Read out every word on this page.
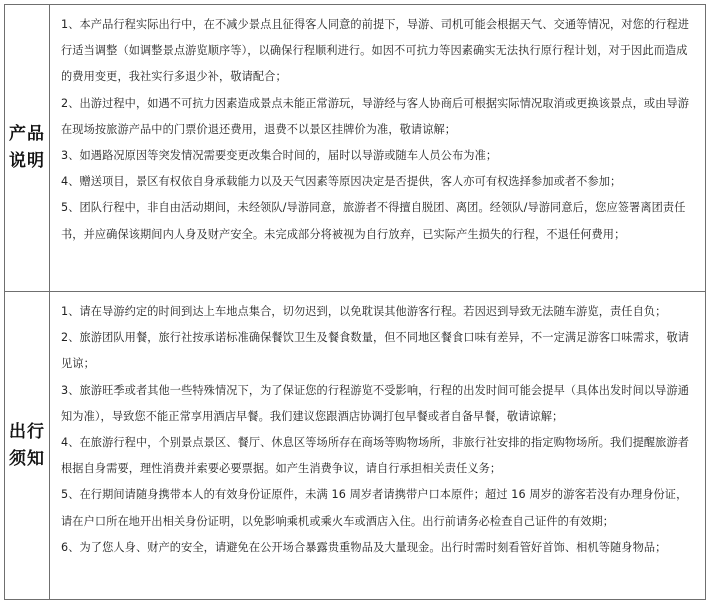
产品说明

1、本产品行程实际出行中，在不减少景点且征得客人同意的前提下，导游、司机可能会根据天气、交通等情况，对您的行程进行适当调整（如调整景点游览顺序等），以确保行程顺利进行。如因不可抗力等因素确实无法执行原行程计划，对于因此而造成的费用变更，我社实行多退少补，敬请配合；

2、出游过程中，如遇不可抗力因素造成景点未能正常游玩，导游经与客人协商后可根据实际情况取消或更换该景点，或由导游在现场按旅游产品中的门票价退还费用，退费不以景区挂牌价为准，敬请谅解；

3、如遇路况原因等突发情况需要变更改集合时间的，届时以导游或随车人员公布为准；

4、赠送项目，景区有权依自身承载能力以及天气因素等原因决定是否提供，客人亦可有权选择参加或者不参加；

5、团队行程中，非自由活动期间，未经领队/导游同意，旅游者不得擅自脱团、离团。经领队/导游同意后，您应签署离团责任书，并应确保该期间内人身及财产安全。未完成部分将被视为自行放弃，已实际产生损失的行程，不退任何费用；

出行须知

1、请在导游约定的时间到达上车地点集合，切勿迟到，以免耽误其他游客行程。若因迟到导致无法随车游览，责任自负；

2、旅游团队用餐，旅行社按承诺标准确保餐饮卫生及餐食数量，但不同地区餐食口味有差异，不一定满足游客口味需求，敬请见谅；

3、旅游旺季或者其他一些特殊情况下，为了保证您的行程游览不受影响，行程的出发时间可能会提早（具体出发时间以导游通知为准），导致您不能正常享用酒店早餐。我们建议您跟酒店协调打包早餐或者自备早餐，敬请谅解；

4、在旅游行程中，个别景点景区、餐厅、休息区等场所存在商场等购物场所，非旅行社安排的指定购物场所。我们提醒旅游者根据自身需要，理性消费并索要必要票据。如产生消费争议，请自行承担相关责任义务；

5、在行期间请随身携带本人的有效身份证原件，未满 16 周岁者请携带户口本原件；超过 16 周岁的游客若没有办理身份证，请在户口所在地开出相关身份证明，以免影响乘机或乘火车或酒店入住。出行前请务必检查自己证件的有效期；

6、为了您人身、财产的安全，请避免在公开场合暴露贵重物品及大量现金。出行时需时刻看管好首饰、相机等随身物品；
